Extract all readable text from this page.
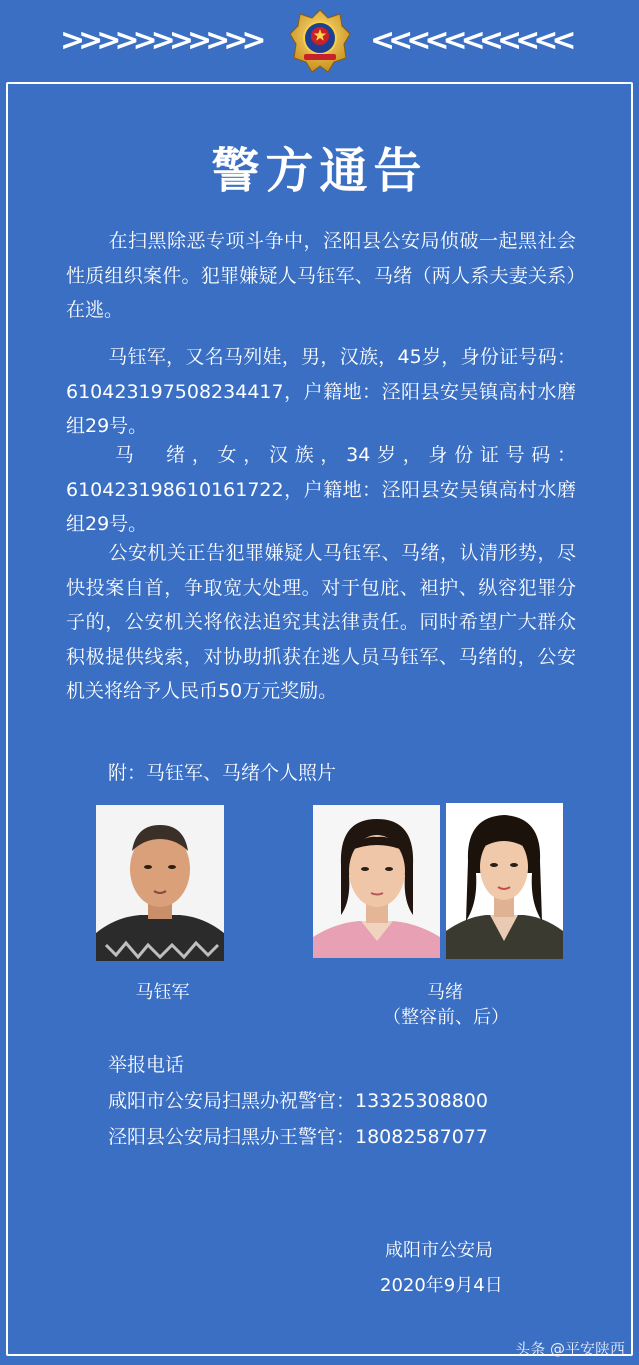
>>>>>>>>>>>	<<<<<<<<<<<
警方通告
在扫黑除恶专项斗争中，泾阳县公安局侦破一起黑社会性质组织案件。犯罪嫌疑人马钰军、马绪（两人系夫妻关系）在逃。
马钰军，又名马列娃，男，汉族，45岁，身份证号码：610423197508234417，户籍地：泾阳县安吴镇高村水磨组29号。
马　绪，女，汉族，34岁，身份证号码：610423198610161722，户籍地：泾阳县安吴镇高村水磨组29号。
公安机关正告犯罪嫌疑人马钰军、马绪，认清形势，尽快投案自首，争取宽大处理。对于包庇、袒护、纵容犯罪分子的，公安机关将依法追究其法律责任。同时希望广大群众积极提供线索，对协助抓获在逃人员马钰军、马绪的，公安机关将给予人民币50万元奖励。
附：马钰军、马绪个人照片
马钰军	马绪
（整容前、后）
举报电话
咸阳市公安局扫黑办祝警官：13325308800
泾阳县公安局扫黑办王警官：18082587077
咸阳市公安局
2020年9月4日
头条 @平安陕西
